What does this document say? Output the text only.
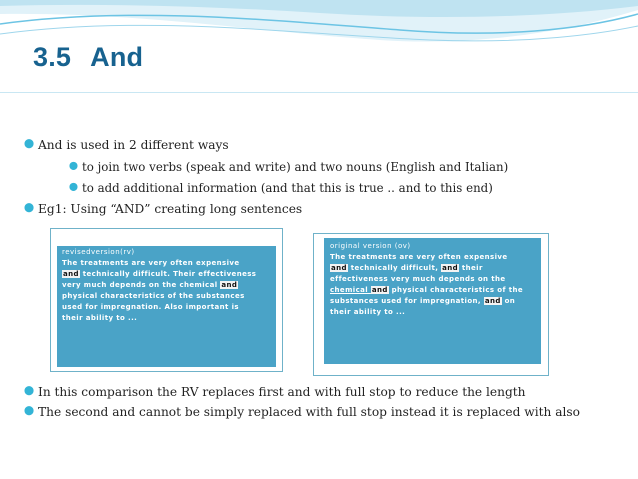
3.5 And
⬤ And is used in 2 different ways
⬤ to join two verbs (speak and write) and two nouns (English and Italian)
⬤ to add additional information (and that this is true .. and to this end)
⬤ Eg1: Using “AND” creating long sentences

revisedversion(rv)

The treatments are very often expensive

and technically difficult. Their effectiveness

very much depends on the chemical and

physical characteristics of the substances

used for impregnation. Also important is

their ability to ...

original version (ov)

The treatments are very often expensive

and technically difficult, and their

effectiveness very much depends on the

chemical and physical characteristics of the

substances used for impregnation, and on

their ability to ...

⬤ In this comparison the RV replaces first and with full stop to reduce the length
⬤ The second and cannot be simply replaced with full stop instead it is replaced with also
